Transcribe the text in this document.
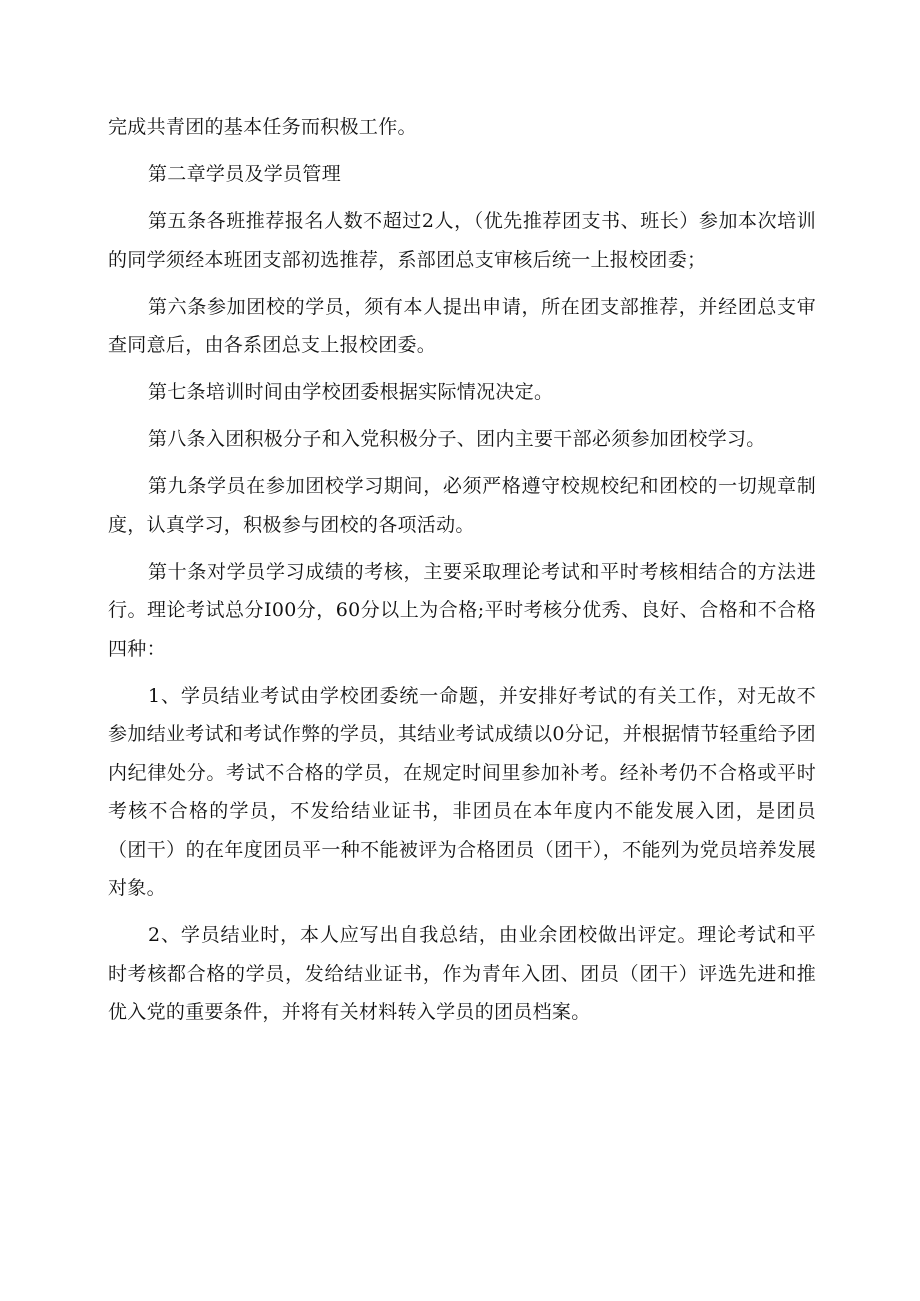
完成共青团的基本任务而积极工作。

第二章学员及学员管理

第五条各班推荐报名人数不超过2人，（优先推荐团支书、班长）参加本次培训的同学须经本班团支部初选推荐，系部团总支审核后统一上报校团委；

第六条参加团校的学员，须有本人提出申请，所在团支部推荐，并经团总支审查同意后，由各系团总支上报校团委。

第七条培训时间由学校团委根据实际情况决定。

第八条入团积极分子和入党积极分子、团内主要干部必须参加团校学习。

第九条学员在参加团校学习期间，必须严格遵守校规校纪和团校的一切规章制度，认真学习，积极参与团校的各项活动。

第十条对学员学习成绩的考核，主要采取理论考试和平时考核相结合的方法进行。理论考试总分I00分，60分以上为合格;平时考核分优秀、良好、合格和不合格四种：

1、学员结业考试由学校团委统一命题，并安排好考试的有关工作，对无故不参加结业考试和考试作弊的学员，其结业考试成绩以0分记，并根据情节轻重给予团内纪律处分。考试不合格的学员，在规定时间里参加补考。经补考仍不合格或平时考核不合格的学员，不发给结业证书，非团员在本年度内不能发展入团，是团员（团干）的在年度团员平一种不能被评为合格团员（团干），不能列为党员培养发展对象。

2、学员结业时，本人应写出自我总结，由业余团校做出评定。理论考试和平时考核都合格的学员，发给结业证书，作为青年入团、团员（团干）评选先进和推优入党的重要条件，并将有关材料转入学员的团员档案。
